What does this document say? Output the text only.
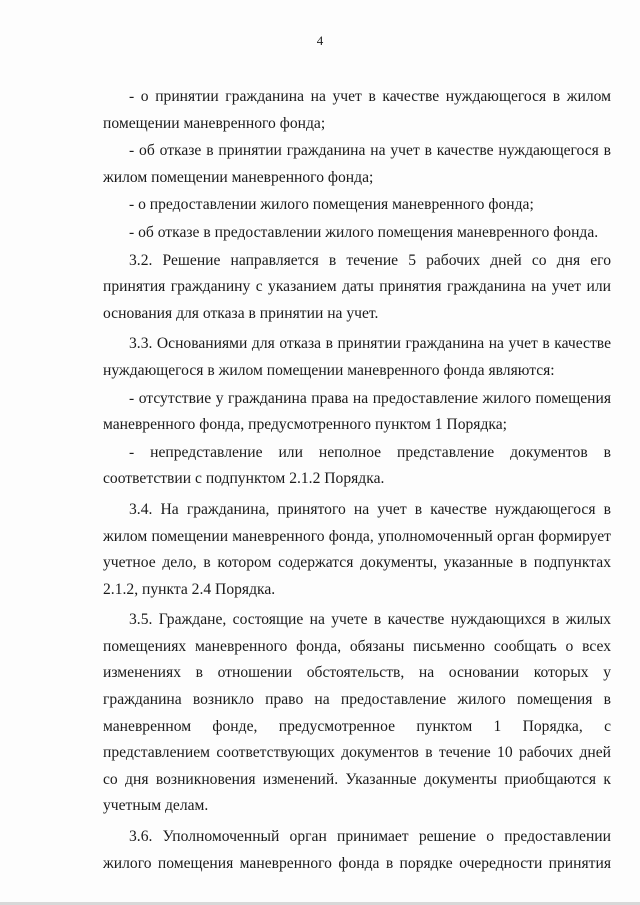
4

- о принятии гражданина на учет в качестве нуждающегося в жилом помещении маневренного фонда;

- об отказе в принятии гражданина на учет в качестве нуждающегося в жилом помещении маневренного фонда;

- о предоставлении жилого помещения маневренного фонда;

- об отказе в предоставлении жилого помещения маневренного фонда.

3.2. Решение направляется в течение 5 рабочих дней со дня его принятия гражданину с указанием даты принятия гражданина на учет или основания для отказа в принятии на учет.

3.3. Основаниями для отказа в принятии гражданина на учет в качестве нуждающегося в жилом помещении маневренного фонда являются:

- отсутствие у гражданина права на предоставление жилого помещения маневренного фонда, предусмотренного пунктом 1 Порядка;

- непредставление или неполное представление документов в соответствии с подпунктом 2.1.2 Порядка.

3.4. На гражданина, принятого на учет в качестве нуждающегося в жилом помещении маневренного фонда, уполномоченный орган формирует учетное дело, в котором содержатся документы, указанные в подпунктах 2.1.2, пункта 2.4 Порядка.

3.5. Граждане, состоящие на учете в качестве нуждающихся в жилых помещениях маневренного фонда, обязаны письменно сообщать о всех изменениях в отношении обстоятельств, на основании которых у гражданина возникло право на предоставление жилого помещения в маневренном фонде, предусмотренное пунктом 1 Порядка, с представлением соответствующих документов в течение 10 рабочих дней со дня возникновения изменений. Указанные документы приобщаются к учетным делам.

3.6. Уполномоченный орган принимает решение о предоставлении жилого помещения маневренного фонда в порядке очередности принятия
